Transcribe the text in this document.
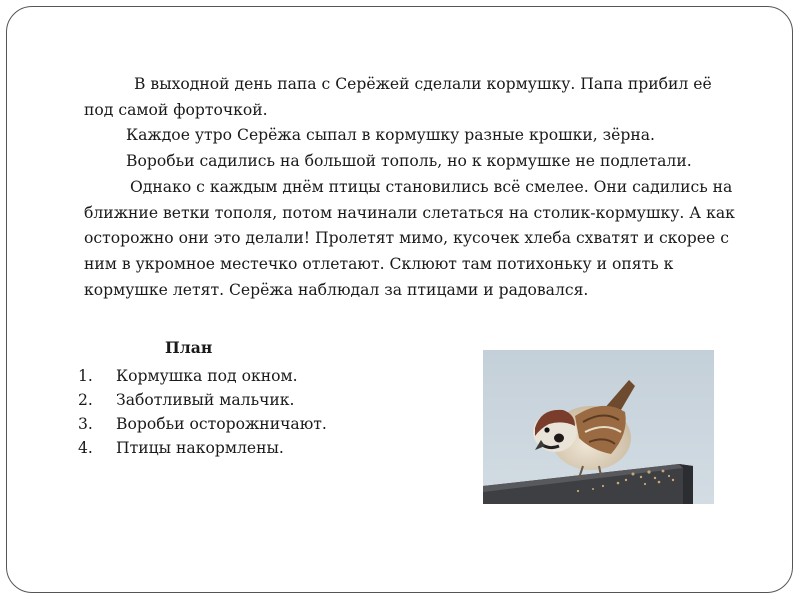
В выходной день папа с Серёжей сделали кормушку. Папа прибил её под самой форточкой.

Каждое утро Серёжа сыпал в кормушку разные крошки, зёрна.

Воробьи садились на большой тополь, но к кормушке не подлетали.

Однако с каждым днём птицы становились всё смелее. Они садились на ближние ветки тополя, потом начинали слетаться на столик-кормушку. А как осторожно они это делали! Пролетят мимо, кусочек хлеба схватят и скорее с ним в укромное местечко отлетают. Склюют там потихоньку и опять к кормушке летят. Серёжа наблюдал за птицами и радовался.

План

1.	Кормушка под окном.
2.	Заботливый мальчик.
3.	Воробьи осторожничают.
4.	Птицы накормлены.
